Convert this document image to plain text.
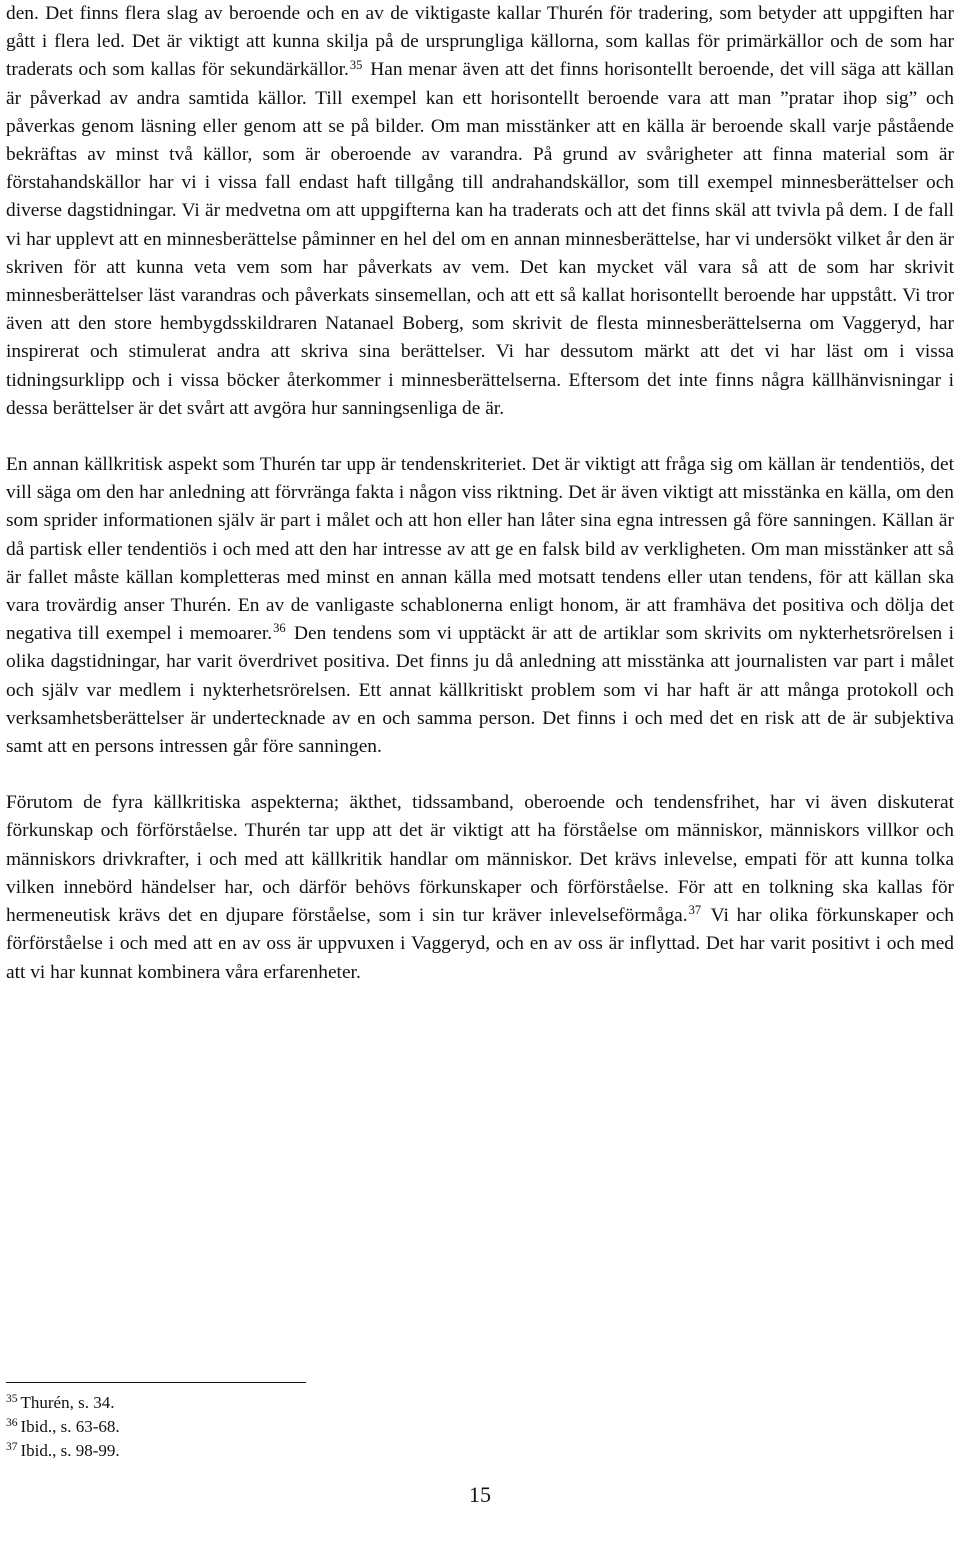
den. Det finns flera slag av beroende och en av de viktigaste kallar Thurén för tradering, som betyder att uppgiften har gått i flera led. Det är viktigt att kunna skilja på de ursprungliga källorna, som kallas för primärkällor och de som har traderats och som kallas för sekundärkällor.$^{35}$ Han menar även att det finns horisontellt beroende, det vill säga att källan är påverkad av andra samtida källor. Till exempel kan ett horisontellt beroende vara att man ”pratar ihop sig” och påverkas genom läsning eller genom att se på bilder. Om man misstänker att en källa är beroende skall varje påstående bekräftas av minst två källor, som är oberoende av varandra. På grund av svårigheter att finna material som är förstahandskällor har vi i vissa fall endast haft tillgång till andrahandskällor, som till exempel minnesberättelser och diverse dagstidningar. Vi är medvetna om att uppgifterna kan ha traderats och att det finns skäl att tvivla på dem. I de fall vi har upplevt att en minnesberättelse påminner en hel del om en annan minnesberättelse, har vi undersökt vilket år den är skriven för att kunna veta vem som har påverkats av vem. Det kan mycket väl vara så att de som har skrivit minnesberättelser läst varandras och påverkats sinsemellan, och att ett så kallat horisontellt beroende har uppstått. Vi tror även att den store hembygdsskildraren Natanael Boberg, som skrivit de flesta minnesberättelserna om Vaggeryd, har inspirerat och stimulerat andra att skriva sina berättelser. Vi har dessutom märkt att det vi har läst om i vissa tidningsurklipp och i vissa böcker återkommer i minnesberättelserna. Eftersom det inte finns några källhänvisningar i dessa berättelser är det svårt att avgöra hur sanningsenliga de är.

En annan källkritisk aspekt som Thurén tar upp är tendenskriteriet. Det är viktigt att fråga sig om källan är tendentiös, det vill säga om den har anledning att förvränga fakta i någon viss riktning. Det är även viktigt att misstänka en källa, om den som sprider informationen själv är part i målet och att hon eller han låter sina egna intressen gå före sanningen. Källan är då partisk eller tendentiös i och med att den har intresse av att ge en falsk bild av verkligheten. Om man misstänker att så är fallet måste källan kompletteras med minst en annan källa med motsatt tendens eller utan tendens, för att källan ska vara trovärdig anser Thurén. En av de vanligaste schablonerna enligt honom, är att framhäva det positiva och dölja det negativa till exempel i memoarer.$^{36}$ Den tendens som vi upptäckt är att de artiklar som skrivits om nykterhetsrörelsen i olika dagstidningar, har varit överdrivet positiva. Det finns ju då anledning att misstänka att journalisten var part i målet och själv var medlem i nykterhetsrörelsen. Ett annat källkritiskt problem som vi har haft är att många protokoll och verksamhetsberättelser är undertecknade av en och samma person. Det finns i och med det en risk att de är subjektiva samt att en persons intressen går före sanningen.

Förutom de fyra källkritiska aspekterna; äkthet, tidssamband, oberoende och tendensfrihet, har vi även diskuterat förkunskap och förförståelse. Thurén tar upp att det är viktigt att ha förståelse om människor, människors villkor och människors drivkrafter, i och med att källkritik handlar om människor. Det krävs inlevelse, empati för att kunna tolka vilken innebörd händelser har, och därför behövs förkunskaper och förförståelse. För att en tolkning ska kallas för hermeneutisk krävs det en djupare förståelse, som i sin tur kräver inlevelseförmåga.$^{37}$ Vi har olika förkunskaper och förförståelse i och med att en av oss är uppvuxen i Vaggeryd, och en av oss är inflyttad. Det har varit positivt i och med att vi har kunnat kombinera våra erfarenheter.

$^{35}$ Thurén, s. 34.

$^{36}$ Ibid., s. 63-68.

$^{37}$ Ibid., s. 98-99.

15
